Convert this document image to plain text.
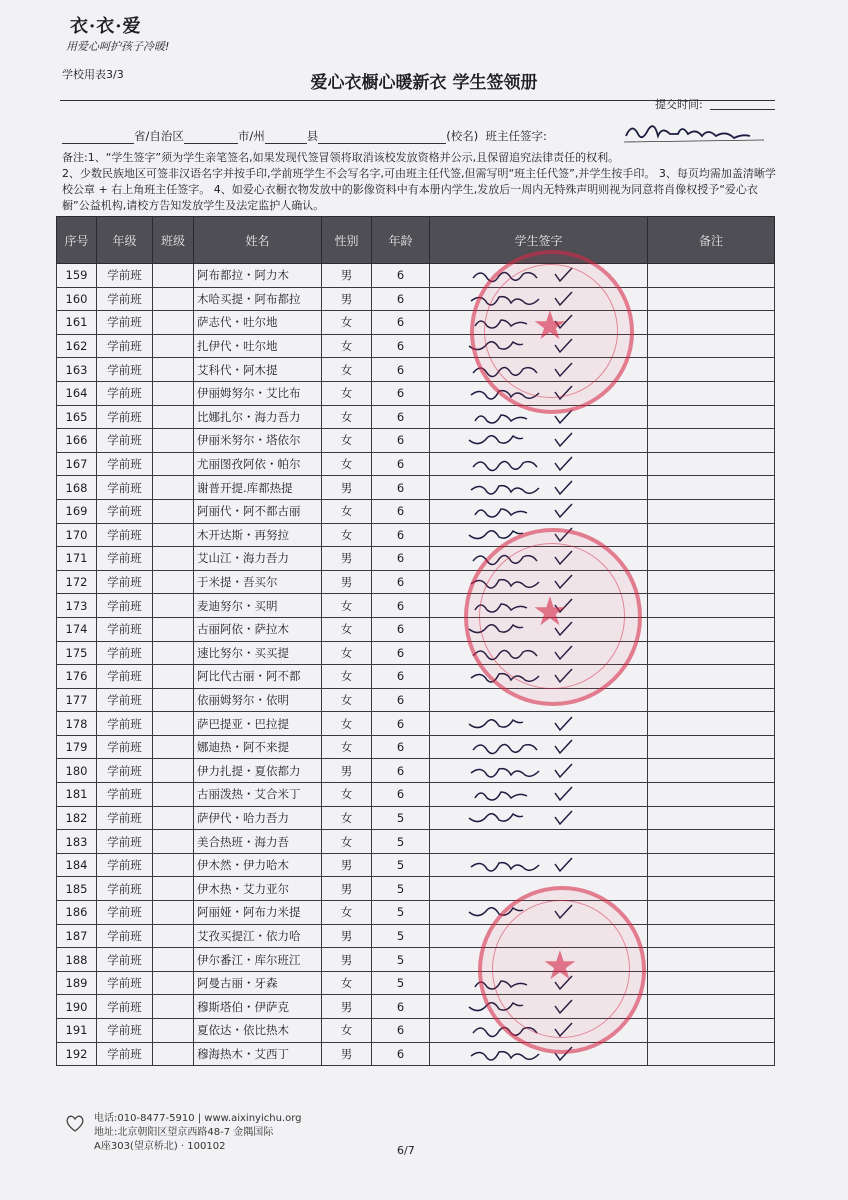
衣·衣·爱
用爱心呵护孩子冷暖!
学校用表3/3	爱心衣橱心暖新衣 学生签领册
提交时间:
省/自治区	市/州	县	(校名) 班主任签字:
备注:1、“学生签字”须为学生亲笔签名,如果发现代签冒领将取消该校发放资格并公示,且保留追究法律责任的权利。
2、少数民族地区可签非汉语名字并按手印,学前班学生不会写名字,可由班主任代签,但需写明“班主任代签”,并学生按手印。 3、每页均需加盖清晰学校公章 + 右上角班主任签字。 4、如爱心衣橱衣物发放中的影像资料中有本册内学生,发放后一周内无特殊声明则视为同意将肖像权授予“爱心衣橱”公益机构,请校方告知发放学生及法定监护人确认。
序号	年级	班级	姓名	性别	年龄	学生签字	备注
159	学前班		阿布都拉・阿力木	男	6	

160	学前班		木哈买提・阿布都拉	男	6	

161	学前班		萨志代・吐尔地	女	6	

162	学前班		扎伊代・吐尔地	女	6	

163	学前班		艾科代・阿木提	女	6	

164	学前班		伊丽姆努尔・艾比布	女	6	

165	学前班		比娜扎尔・海力吾力	女	6	

166	学前班		伊丽米努尔・塔依尔	女	6	

167	学前班		尤丽图孜阿依・帕尔	女	6	

168	学前班		谢普开提.库都热提	男	6	

169	学前班		阿丽代・阿不都古丽	女	6	

170	学前班		木开达斯・再努拉	女	6	

171	学前班		艾山江・海力吾力	男	6	

172	学前班		于米提・吾买尔	男	6	

173	学前班		麦迪努尔・买明	女	6	

174	学前班		古丽阿依・萨拉木	女	6	

175	学前班		速比努尔・买买提	女	6	

176	学前班		阿比代古丽・阿不都	女	6	

177	学前班		依丽姆努尔・依明	女	6		
178	学前班		萨巴提亚・巴拉提	女	6	

179	学前班		娜迪热・阿不来提	女	6	

180	学前班		伊力扎提・夏依都力	男	6	

181	学前班		古丽泼热・艾合米丁	女	6	

182	学前班		萨伊代・哈力吾力	女	5	

183	学前班		美合热班・海力吾	女	5		
184	学前班		伊木然・伊力哈木	男	5	

185	学前班		伊木热・艾力亚尔	男	5		
186	学前班		阿丽娅・阿布力米提	女	5	

187	学前班		艾孜买提江・依力哈	男	5		
188	学前班		伊尔番江・库尔班江	男	5		
189	学前班		阿曼古丽・牙森	女	5	

190	学前班		穆斯塔伯・伊萨克	男	6	

191	学前班		夏依达・依比热木	女	6	

192	学前班		穆海热木・艾西丁	男	6	

★
★
★
电话:010-8477-5910 | www.aixinyichu.org
地址:北京朝阳区望京西路48-7 金隅国际
A座303(望京桥北) · 100102	6/7
